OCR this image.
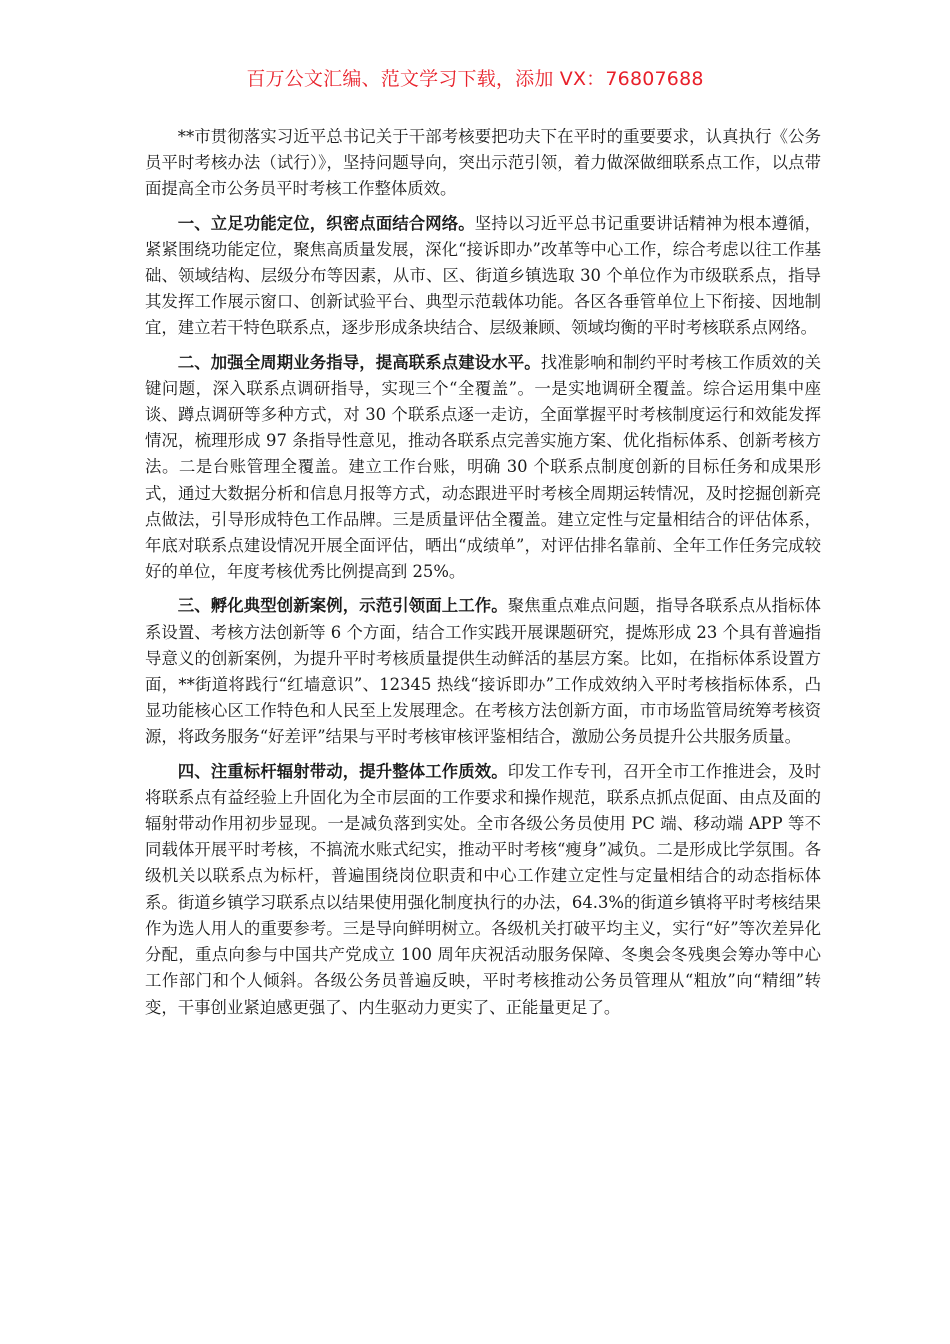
百万公文汇编、范文学习下载，添加 VX：76807688

**市贯彻落实习近平总书记关于干部考核要把功夫下在平时的重要要求，认真执行《公务员平时考核办法（试行）》，坚持问题导向，突出示范引领，着力做深做细联系点工作，以点带面提高全市公务员平时考核工作整体质效。

一、立足功能定位，织密点面结合网络。坚持以习近平总书记重要讲话精神为根本遵循，紧紧围绕功能定位，聚焦高质量发展，深化“接诉即办”改革等中心工作，综合考虑以往工作基础、领域结构、层级分布等因素，从市、区、街道乡镇选取 30 个单位作为市级联系点，指导其发挥工作展示窗口、创新试验平台、典型示范载体功能。各区各垂管单位上下衔接、因地制宜，建立若干特色联系点，逐步形成条块结合、层级兼顾、领域均衡的平时考核联系点网络。

二、加强全周期业务指导，提高联系点建设水平。找准影响和制约平时考核工作质效的关键问题，深入联系点调研指导，实现三个“全覆盖”。一是实地调研全覆盖。综合运用集中座谈、蹲点调研等多种方式，对 30 个联系点逐一走访，全面掌握平时考核制度运行和效能发挥情况，梳理形成 97 条指导性意见，推动各联系点完善实施方案、优化指标体系、创新考核方法。二是台账管理全覆盖。建立工作台账，明确 30 个联系点制度创新的目标任务和成果形式，通过大数据分析和信息月报等方式，动态跟进平时考核全周期运转情况，及时挖掘创新亮点做法，引导形成特色工作品牌。三是质量评估全覆盖。建立定性与定量相结合的评估体系，年底对联系点建设情况开展全面评估，晒出“成绩单”，对评估排名靠前、全年工作任务完成较好的单位，年度考核优秀比例提高到 25%。

三、孵化典型创新案例，示范引领面上工作。聚焦重点难点问题，指导各联系点从指标体系设置、考核方法创新等 6 个方面，结合工作实践开展课题研究，提炼形成 23 个具有普遍指导意义的创新案例，为提升平时考核质量提供生动鲜活的基层方案。比如，在指标体系设置方面，**街道将践行“红墙意识”、12345 热线“接诉即办”工作成效纳入平时考核指标体系，凸显功能核心区工作特色和人民至上发展理念。在考核方法创新方面，市市场监管局统筹考核资源，将政务服务“好差评”结果与平时考核审核评鉴相结合，激励公务员提升公共服务质量。

四、注重标杆辐射带动，提升整体工作质效。印发工作专刊，召开全市工作推进会，及时将联系点有益经验上升固化为全市层面的工作要求和操作规范，联系点抓点促面、由点及面的辐射带动作用初步显现。一是减负落到实处。全市各级公务员使用 PC 端、移动端 APP 等不同载体开展平时考核，不搞流水账式纪实，推动平时考核“瘦身”减负。二是形成比学氛围。各级机关以联系点为标杆，普遍围绕岗位职责和中心工作建立定性与定量相结合的动态指标体系。街道乡镇学习联系点以结果使用强化制度执行的办法，64.3%的街道乡镇将平时考核结果作为选人用人的重要参考。三是导向鲜明树立。各级机关打破平均主义，实行“好”等次差异化分配，重点向参与中国共产党成立 100 周年庆祝活动服务保障、冬奥会冬残奥会筹办等中心工作部门和个人倾斜。各级公务员普遍反映，平时考核推动公务员管理从“粗放”向“精细”转变，干事创业紧迫感更强了、内生驱动力更实了、正能量更足了。
